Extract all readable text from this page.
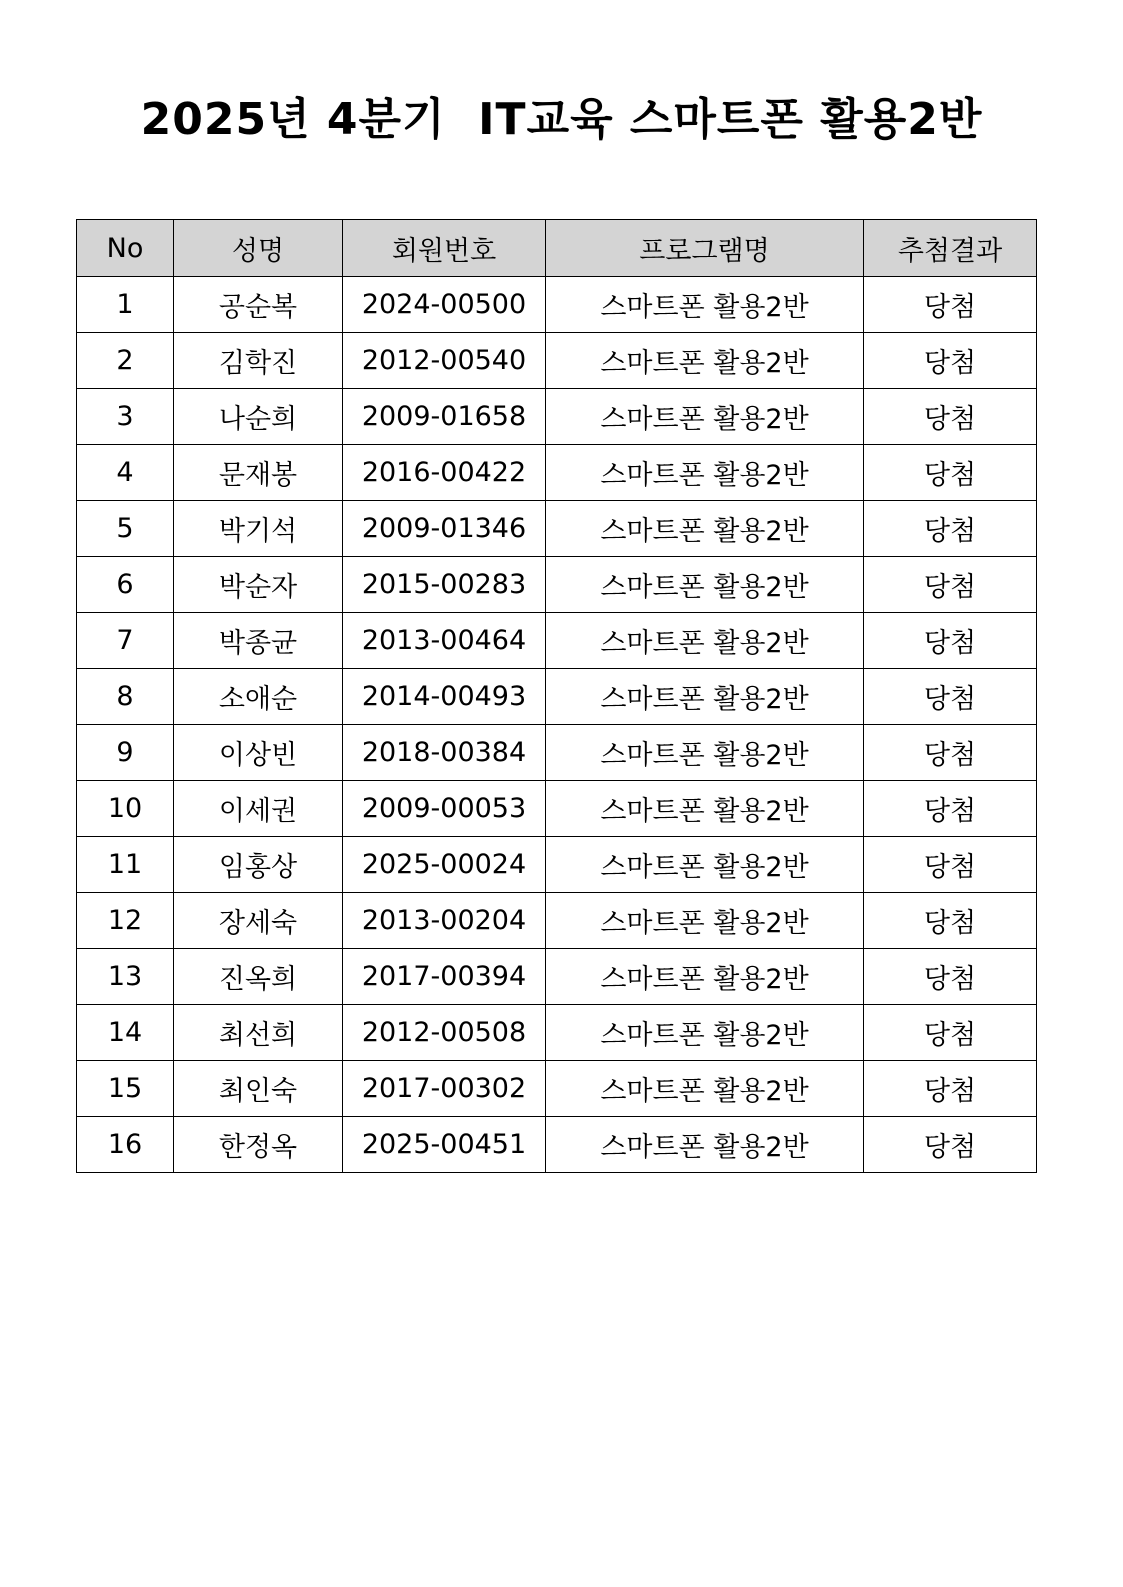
2025년 4분기  IT교육 스마트폰 활용2반
No	성명	회원번호	프로그램명	추첨결과
1	공순복	2024-00500	스마트폰 활용2반	당첨
2	김학진	2012-00540	스마트폰 활용2반	당첨
3	나순희	2009-01658	스마트폰 활용2반	당첨
4	문재봉	2016-00422	스마트폰 활용2반	당첨
5	박기석	2009-01346	스마트폰 활용2반	당첨
6	박순자	2015-00283	스마트폰 활용2반	당첨
7	박종균	2013-00464	스마트폰 활용2반	당첨
8	소애순	2014-00493	스마트폰 활용2반	당첨
9	이상빈	2018-00384	스마트폰 활용2반	당첨
10	이세권	2009-00053	스마트폰 활용2반	당첨
11	임홍상	2025-00024	스마트폰 활용2반	당첨
12	장세숙	2013-00204	스마트폰 활용2반	당첨
13	진옥희	2017-00394	스마트폰 활용2반	당첨
14	최선희	2012-00508	스마트폰 활용2반	당첨
15	최인숙	2017-00302	스마트폰 활용2반	당첨
16	한정옥	2025-00451	스마트폰 활용2반	당첨
